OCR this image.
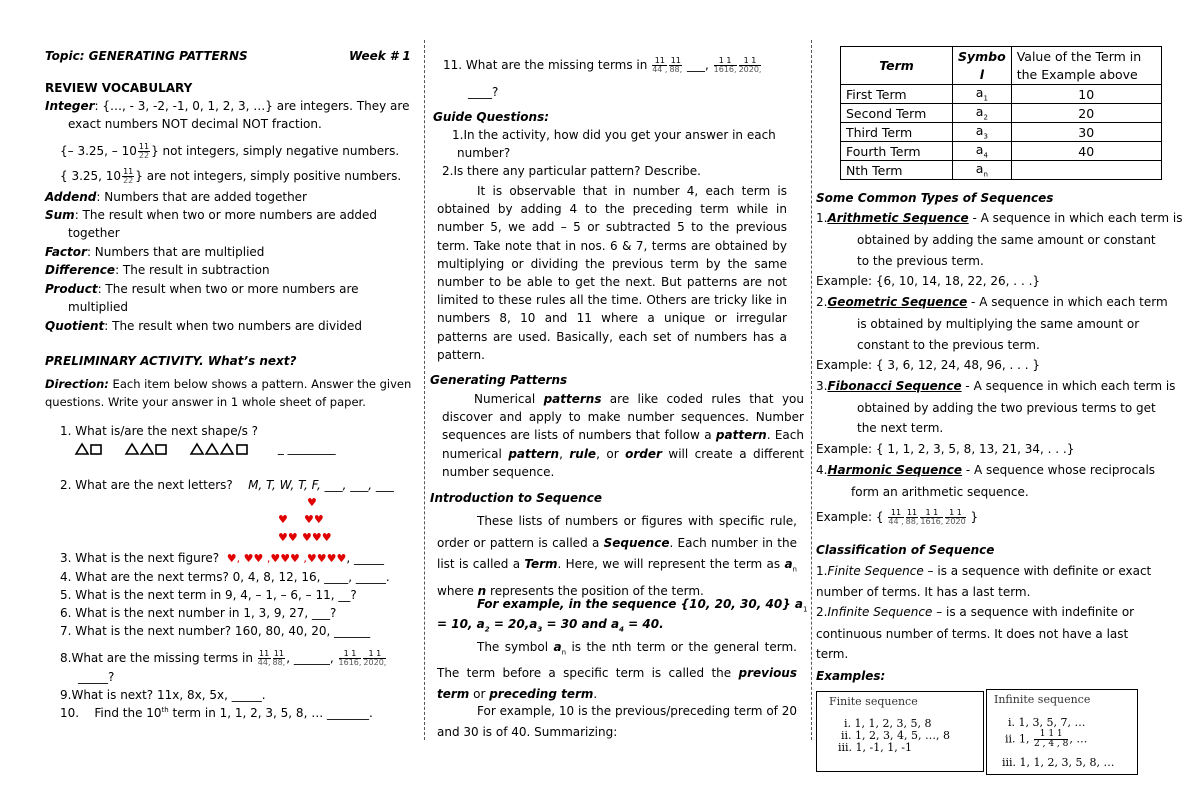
Topic: GENERATING PATTERNS	Week # 1
REVIEW VOCABULARY
Integer: {…, - 3, -2, -1, 0, 1, 2, 3, …} are integers. They are
exact numbers NOT decimal NOT fraction.
{– 3.25, – $10 \frac{11}{22}$ } not integers, simply negative numbers.
{ 3.25, $10 \frac{11}{22}$ } are not integers, simply positive numbers.
Addend: Numbers that are added together
Sum: The result when two or more numbers are added
together
Factor: Numbers that are multiplied
Difference: The result in subtraction
Product: The result when two or more numbers are
multiplied
Quotient: The result when two numbers are divided
PRELIMINARY ACTIVITY. What’s next?
Direction: Each item below shows a pattern. Answer the given
questions. Write your answer in 1 whole sheet of paper.
1. What is/are the next shape/s ?
_ ________
2. What are the next letters? M, T, W, T, F, ___, ___, ___
♥
♥ ♥♥
♥♥ ♥♥♥
3. What is the next figure? ♥, ♥♥ ,♥♥♥ ,♥♥♥♥, _____
4. What are the next terms? 0, 4, 8, 12, 16, ____, _____.
5. What is the next term in 9, 4, – 1, – 6, – 11, __?
6. What is the next number in 1, 3, 9, 27, ___?
7. What is the next number? 160, 80, 40, 20, ______
8.What are the missing terms in $\frac{11}{44,} \frac{11}{88,}$ , ______, $\frac{1 1}{1616,} \frac{1 1}{2020,}$
_____?
9.What is next? 11x, 8x, 5x, _____.
10. Find the 10th term in 1, 1, 2, 3, 5, 8, … _______.
11. What are the missing terms in $\frac{11}{44 ,} \frac{11}{88,}$ ___, $\frac{1 1}{1616,} \frac{1 1}{2020,}$
____?
Guide Questions:
1.In the activity, how did you get your answer in each
number?
2.Is there any particular pattern? Describe.
It is observable that in number 4, each term is obtained by adding 4 to the preceding term while in number 5, we add – 5 or subtracted 5 to the previous term. Take note that in nos. 6 & 7, terms are obtained by multiplying or dividing the previous term by the same number to be able to get the next. But patterns are not limited to these rules all the time. Others are tricky like in numbers 8, 10 and 11 where a unique or irregular patterns are used. Basically, each set of numbers has a pattern.
Generating Patterns
Numerical patterns are like coded rules that you discover and apply to make number sequences. Number sequences are lists of numbers that follow a pattern. Each numerical pattern, rule, or order will create a different number sequence.
Introduction to Sequence
These lists of numbers or figures with specific rule, order or pattern is called a Sequence. Each number in the list is called a Term. Here, we will represent the term as $a_n$ where n represents the position of the term.
For example, in the sequence {10, 20, 30, 40} $a_1$
= 10, $a_2 = 20,a_3 = 30$ and $a_4 = 40$.
The symbol $a_n$ is the nth term or the general term. The term before a specific term is called the previous term or preceding term.
For example, 10 is the previous/preceding term of 20 and 30 is of 40. Summarizing:
Term	Symbo	Value of the Term in
	l	the Example above
First Term	$a_1$	10
Second Term	$a_2$	20
Third Term	$a_3$	30
Fourth Term	$a_4$	40
Nth Term	$a_n$	
Some Common Types of Sequences
1.Arithmetic Sequence - A sequence in which each term is
obtained by adding the same amount or constant
to the previous term.
Example: {6, 10, 14, 18, 22, 26, . . .}
2.Geometric Sequence - A sequence in which each term
is obtained by multiplying the same amount or
constant to the previous term.
Example: { 3, 6, 12, 24, 48, 96, . . . }
3.Fibonacci Sequence - A sequence in which each term is
obtained by adding the two previous terms to get
the next term.
Example: { 1, 1, 2, 3, 5, 8, 13, 21, 34, . . .}
4.Harmonic Sequence - A sequence whose reciprocals
form an arithmetic sequence.
Example: { $\frac{11}{44 ,} \frac{11}{88,} \frac{1 1}{1616,} \frac{1 1}{2020}$ }
Classification of Sequence
1.Finite Sequence – is a sequence with definite or exact
number of terms. It has a last term.
2.Infinite Sequence – is a sequence with indefinite or
continuous number of terms. It does not have a last
term.
Examples:
Finite sequence
i. 1, 1, 2, 3, 5, 8
ii. 1, 2, 3, 4, 5, …, 8
iii. 1, -1, 1, -1
Infinite sequence
i. 1, 3, 5, 7, …
ii. 1, $\frac{1 1 1}{2 , 4 , 8}$ , …
iii. 1, 1, 2, 3, 5, 8, …
